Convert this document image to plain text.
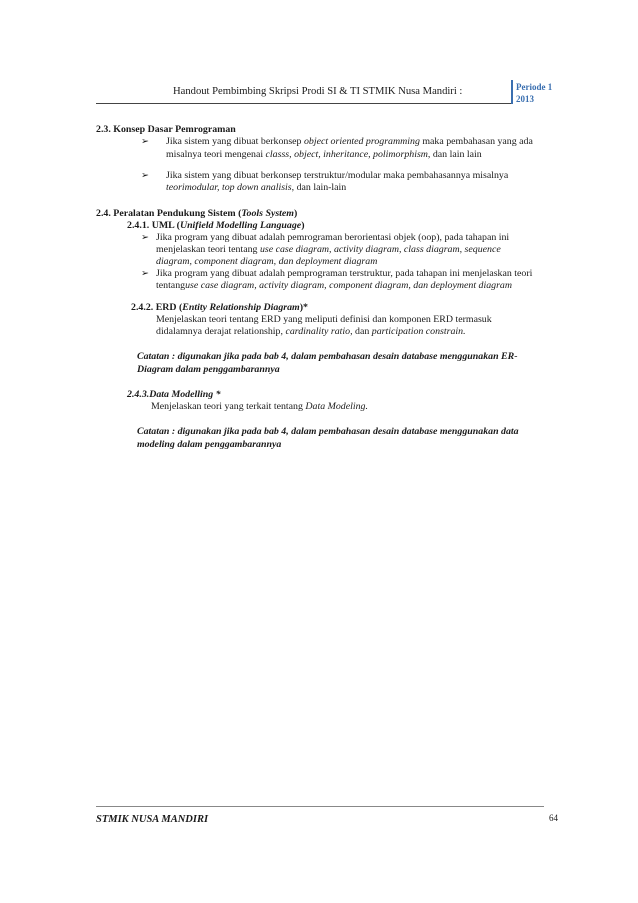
Handout Pembimbing Skripsi Prodi SI & TI STMIK Nusa Mandiri :	Periode 1
2013
2.3. Konsep Dasar Pemrograman
➢ Jika sistem yang dibuat berkonsep object oriented programming maka pembahasan yang ada
misalnya teori mengenai classs, object, inheritance, polimorphism, dan lain lain
➢ Jika sistem yang dibuat berkonsep terstruktur/modular maka pembahasannya misalnya
teorimodular, top down analisis, dan lain-lain
2.4. Peralatan Pendukung Sistem (Tools System)
2.4.1. UML (Unifield Modelling Language)
➢ Jika program yang dibuat adalah pemrograman berorientasi objek (oop), pada tahapan ini
menjelaskan teori tentang use case diagram, activity diagram, class diagram, sequence
diagram, component diagram, dan deployment diagram
➢ Jika program yang dibuat adalah pemprograman terstruktur, pada tahapan ini menjelaskan teori
tentanguse case diagram, activity diagram, component diagram, dan deployment diagram
2.4.2. ERD (Entity Relationship Diagram)*
Menjelaskan teori tentang ERD yang meliputi definisi dan komponen ERD termasuk
didalamnya derajat relationship, cardinality ratio, dan participation constrain.
Catatan : digunakan jika pada bab 4, dalam pembahasan desain database menggunakan ER-
Diagram dalam penggambarannya
2.4.3.Data Modelling *
Menjelaskan teori yang terkait tentang Data Modeling.
Catatan : digunakan jika pada bab 4, dalam pembahasan desain database menggunakan data
modeling dalam penggambarannya
STMIK NUSA MANDIRI	64
